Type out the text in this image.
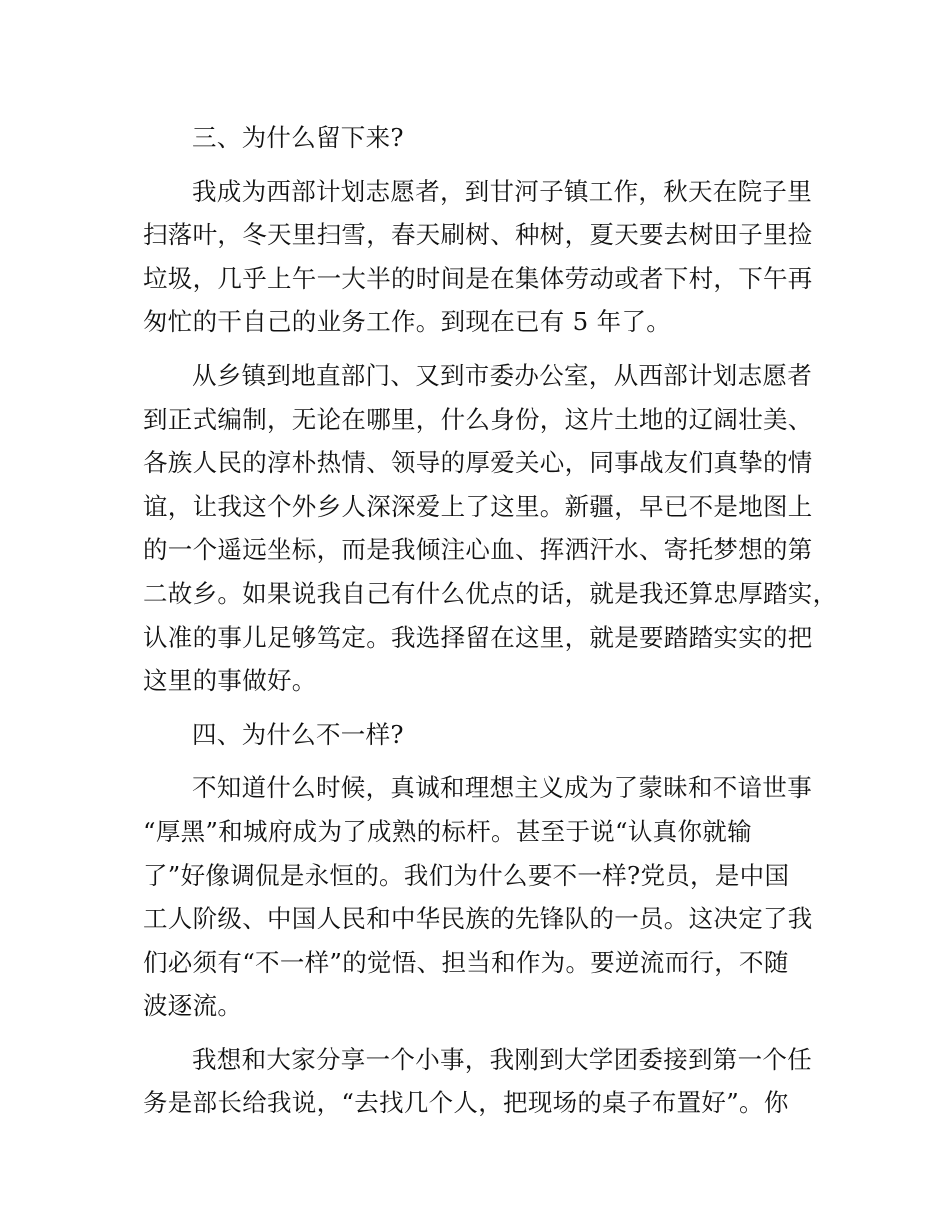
三、为什么留下来?
我成为西部计划志愿者，到甘河子镇工作，秋天在院子里
扫落叶，冬天里扫雪，春天刷树、种树，夏天要去树田子里捡
垃圾，几乎上午一大半的时间是在集体劳动或者下村，下午再
匆忙的干自己的业务工作。到现在已有 5 年了。
从乡镇到地直部门、又到市委办公室，从西部计划志愿者
到正式编制，无论在哪里，什么身份，这片土地的辽阔壮美、
各族人民的淳朴热情、领导的厚爱关心，同事战友们真挚的情
谊，让我这个外乡人深深爱上了这里。新疆，早已不是地图上
的一个遥远坐标，而是我倾注心血、挥洒汗水、寄托梦想的第
二故乡。如果说我自己有什么优点的话，就是我还算忠厚踏实，
认准的事儿足够笃定。我选择留在这里，就是要踏踏实实的把
这里的事做好。
四、为什么不一样?
不知道什么时候，真诚和理想主义成为了蒙昧和不谙世事
“厚黑”和城府成为了成熟的标杆。甚至于说“认真你就输
了”好像调侃是永恒的。我们为什么要不一样?党员，是中国
工人阶级、中国人民和中华民族的先锋队的一员。这决定了我
们必须有“不一样”的觉悟、担当和作为。要逆流而行，不随
波逐流。
我想和大家分享一个小事，我刚到大学团委接到第一个任
务是部长给我说，“去找几个人，把现场的桌子布置好”。你
